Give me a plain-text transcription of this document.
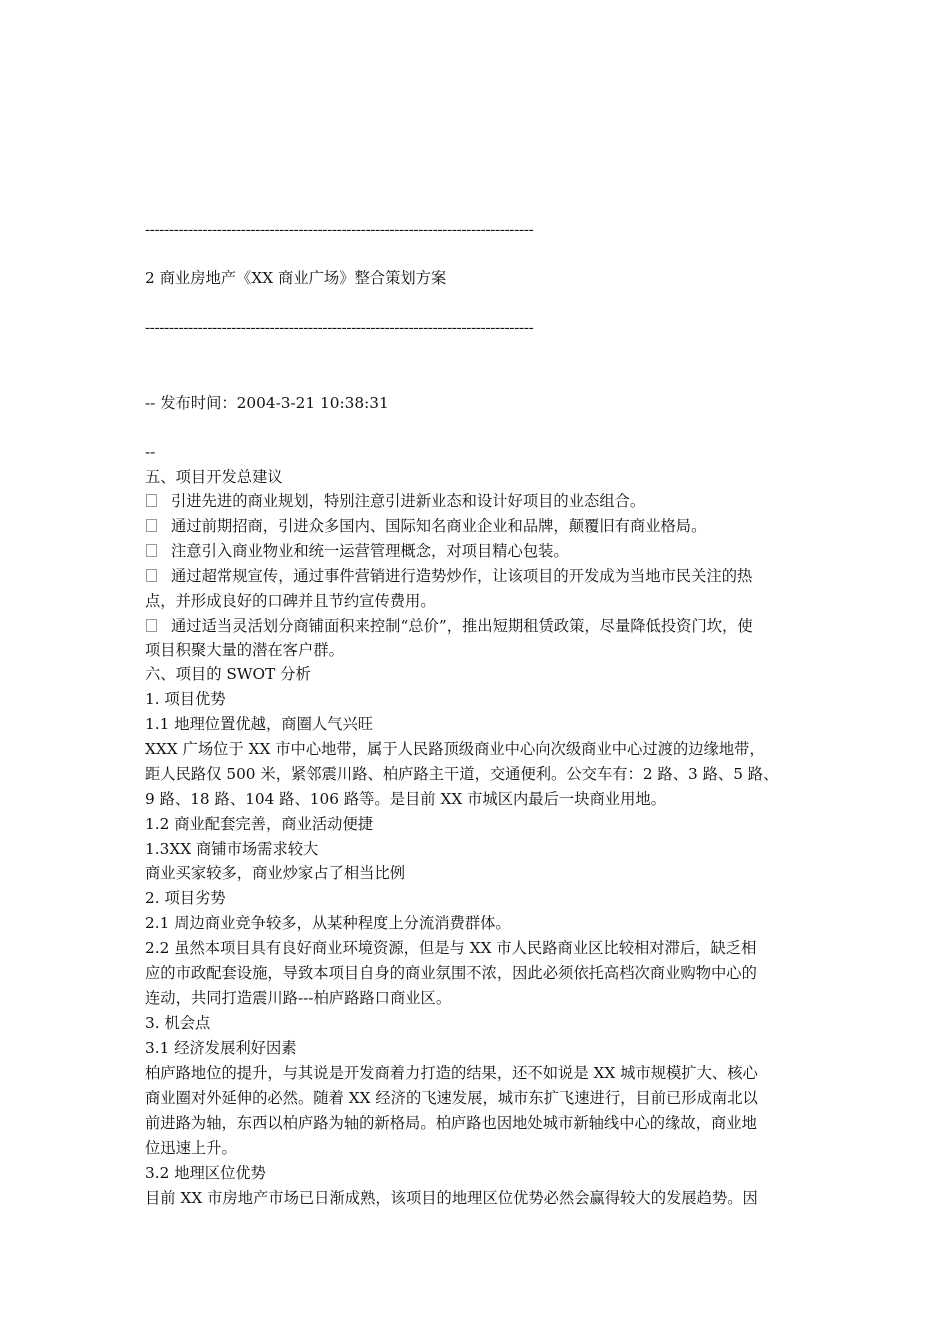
---------------------------------------------------------------------------------
2 商业房地产《XX 商业广场》整合策划方案
---------------------------------------------------------------------------------
-- 发布时间：2004-3-21 10:38:31
--
五、项目开发总建议
引进先进的商业规划，特别注意引进新业态和设计好项目的业态组合。
通过前期招商，引进众多国内、国际知名商业企业和品牌，颠覆旧有商业格局。
注意引入商业物业和统一运营管理概念，对项目精心包装。
通过超常规宣传，通过事件营销进行造势炒作，让该项目的开发成为当地市民关注的热
点，并形成良好的口碑并且节约宣传费用。
通过适当灵活划分商铺面积来控制“总价”，推出短期租赁政策，尽量降低投资门坎，使
项目积聚大量的潜在客户群。
六、项目的 SWOT 分析
1. 项目优势
1.1 地理位置优越，商圈人气兴旺
XXX 广场位于 XX 市中心地带，属于人民路顶级商业中心向次级商业中心过渡的边缘地带，
距人民路仅 500 米，紧邻震川路、柏庐路主干道，交通便利。公交车有：2 路、3 路、5 路、
9 路、18 路、104 路、106 路等。是目前 XX 市城区内最后一块商业用地。
1.2 商业配套完善，商业活动便捷
1.3XX 商铺市场需求较大
商业买家较多，商业炒家占了相当比例
2. 项目劣势
2.1 周边商业竞争较多，从某种程度上分流消费群体。
2.2 虽然本项目具有良好商业环境资源，但是与 XX 市人民路商业区比较相对滞后，缺乏相
应的市政配套设施，导致本项目自身的商业氛围不浓，因此必须依托高档次商业购物中心的
连动，共同打造震川路---柏庐路路口商业区。
3. 机会点
3.1 经济发展利好因素
柏庐路地位的提升，与其说是开发商着力打造的结果，还不如说是 XX 城市规模扩大、核心
商业圈对外延伸的必然。随着 XX 经济的飞速发展，城市东扩飞速进行，目前已形成南北以
前进路为轴，东西以柏庐路为轴的新格局。柏庐路也因地处城市新轴线中心的缘故，商业地
位迅速上升。
3.2 地理区位优势
目前 XX 市房地产市场已日渐成熟，该项目的地理区位优势必然会赢得较大的发展趋势。因
